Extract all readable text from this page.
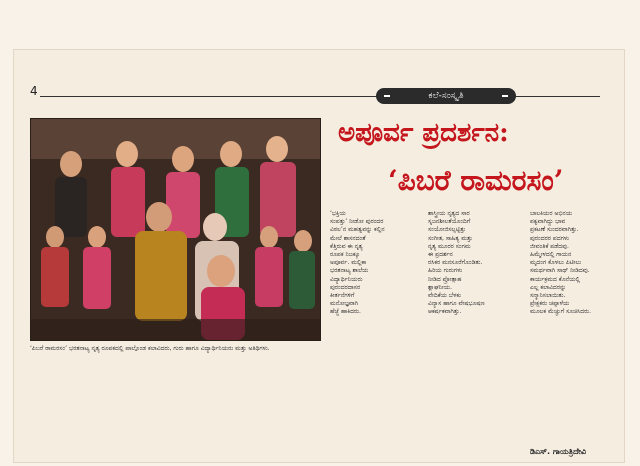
4	ಕಲೆ-ಸಂಸ್ಕೃತಿ
ಅಪೂರ್ವ ಪ್ರದರ್ಶನ:
‘ಪಿಬರೆ ರಾಮರಸಂ’
‘ಭಕ್ತಿಯ
ಸಂಪತ್ತು’ ನೀಡೋ ಪುರಂದರ
ವಿಠಲ’ನ ಮಹತ್ವವನ್ನು ಕಲ್ಲಿನ
ಮೇಲೆ ಶಾಸನದಂತೆ
ಕೆತ್ತಿರುವ ಈ ನೃತ್ಯ
ರೂಪಕ ನಿಜಕ್ಕೂ
ಅಪೂರ್ವ. ಮಲ್ಲಿಕಾ
ಭರತನಾಟ್ಯ ಶಾಲೆಯ
ವಿದ್ಯಾರ್ಥಿನಿಯರು
ಪುರಂದರದಾಸರ
ಕೀರ್ತನೆಗಳಿಗೆ
ಮನೋಜ್ಞವಾಗಿ
ಹೆಜ್ಜೆ ಹಾಕಿದರು.
ಶಾಸ್ತ್ರೀಯ ನೃತ್ಯದ ಸಾರ
ಸೃಜನಶೀಲತೆಯೊಂದಿಗೆ
ಸಂಯೋಜಿಸಲ್ಪಟ್ಟಿತ್ತು
ಸಂಗೀತ, ಸಾಹಿತ್ಯ ಮತ್ತು
ನೃತ್ಯ ಮೂರರ ಸಂಗಮ
ಈ ಪ್ರದರ್ಶನ
ರಸಿಕರ ಮನಸೂರೆಗೊಂಡಿತು.
ಹಿರಿಯ ಗುರುಗಳು
ನೀಡಿದ ಪ್ರೋತ್ಸಾಹ
ಶ್ಲಾಘನೀಯ.
ವೇದಿಕೆಯ ಬೆಳಕು
ವಿನ್ಯಾಸ ಹಾಗೂ ವೇಷಭೂಷಣ
ಆಕರ್ಷಕವಾಗಿತ್ತು.
ಬಾಲಕಿಯರ ಅಭಿನಯ
ಪಕ್ವವಾಗಿದ್ದು ಭಾವ
ಪ್ರಕಟಣೆ ಸುಂದರವಾಗಿತ್ತು.
ಪುರಂದರರ ಪದಗಳು
ಜೀವಂತಿಕೆ ಪಡೆದವು.
ಹಿಮ್ಮೇಳದಲ್ಲಿ ಗಾಯನ
ಮೃದಂಗ ಕೊಳಲು ಪಿಟೀಲು
ಸಮರ್ಥವಾಗಿ ಸಾಥ್ ನೀಡಿದವು.
ಕಾರ್ಯಕ್ರಮದ ಕೊನೆಯಲ್ಲಿ
ಎಲ್ಲ ಕಲಾವಿದರನ್ನು
ಸನ್ಮಾನಿಸಲಾಯಿತು.
ಪ್ರೇಕ್ಷಕರು ಚಪ್ಪಾಳೆಯ
ಮೂಲಕ ಮೆಚ್ಚುಗೆ ಸೂಚಿಸಿದರು.
‘ಪಿಬರೆ ರಾಮರಸಂ’ ಭರತನಾಟ್ಯ ನೃತ್ಯ ರೂಪಕದಲ್ಲಿ ಪಾಲ್ಗೊಂಡ ಕಲಾವಿದರು, ಗುರು ಹಾಗೂ ವಿದ್ಯಾರ್ಥಿನಿಯರು ಮತ್ತು ಅತಿಥಿಗಳು.
ಡಿಎಸ್. ಗಾಯತ್ರಿದೇವಿ
